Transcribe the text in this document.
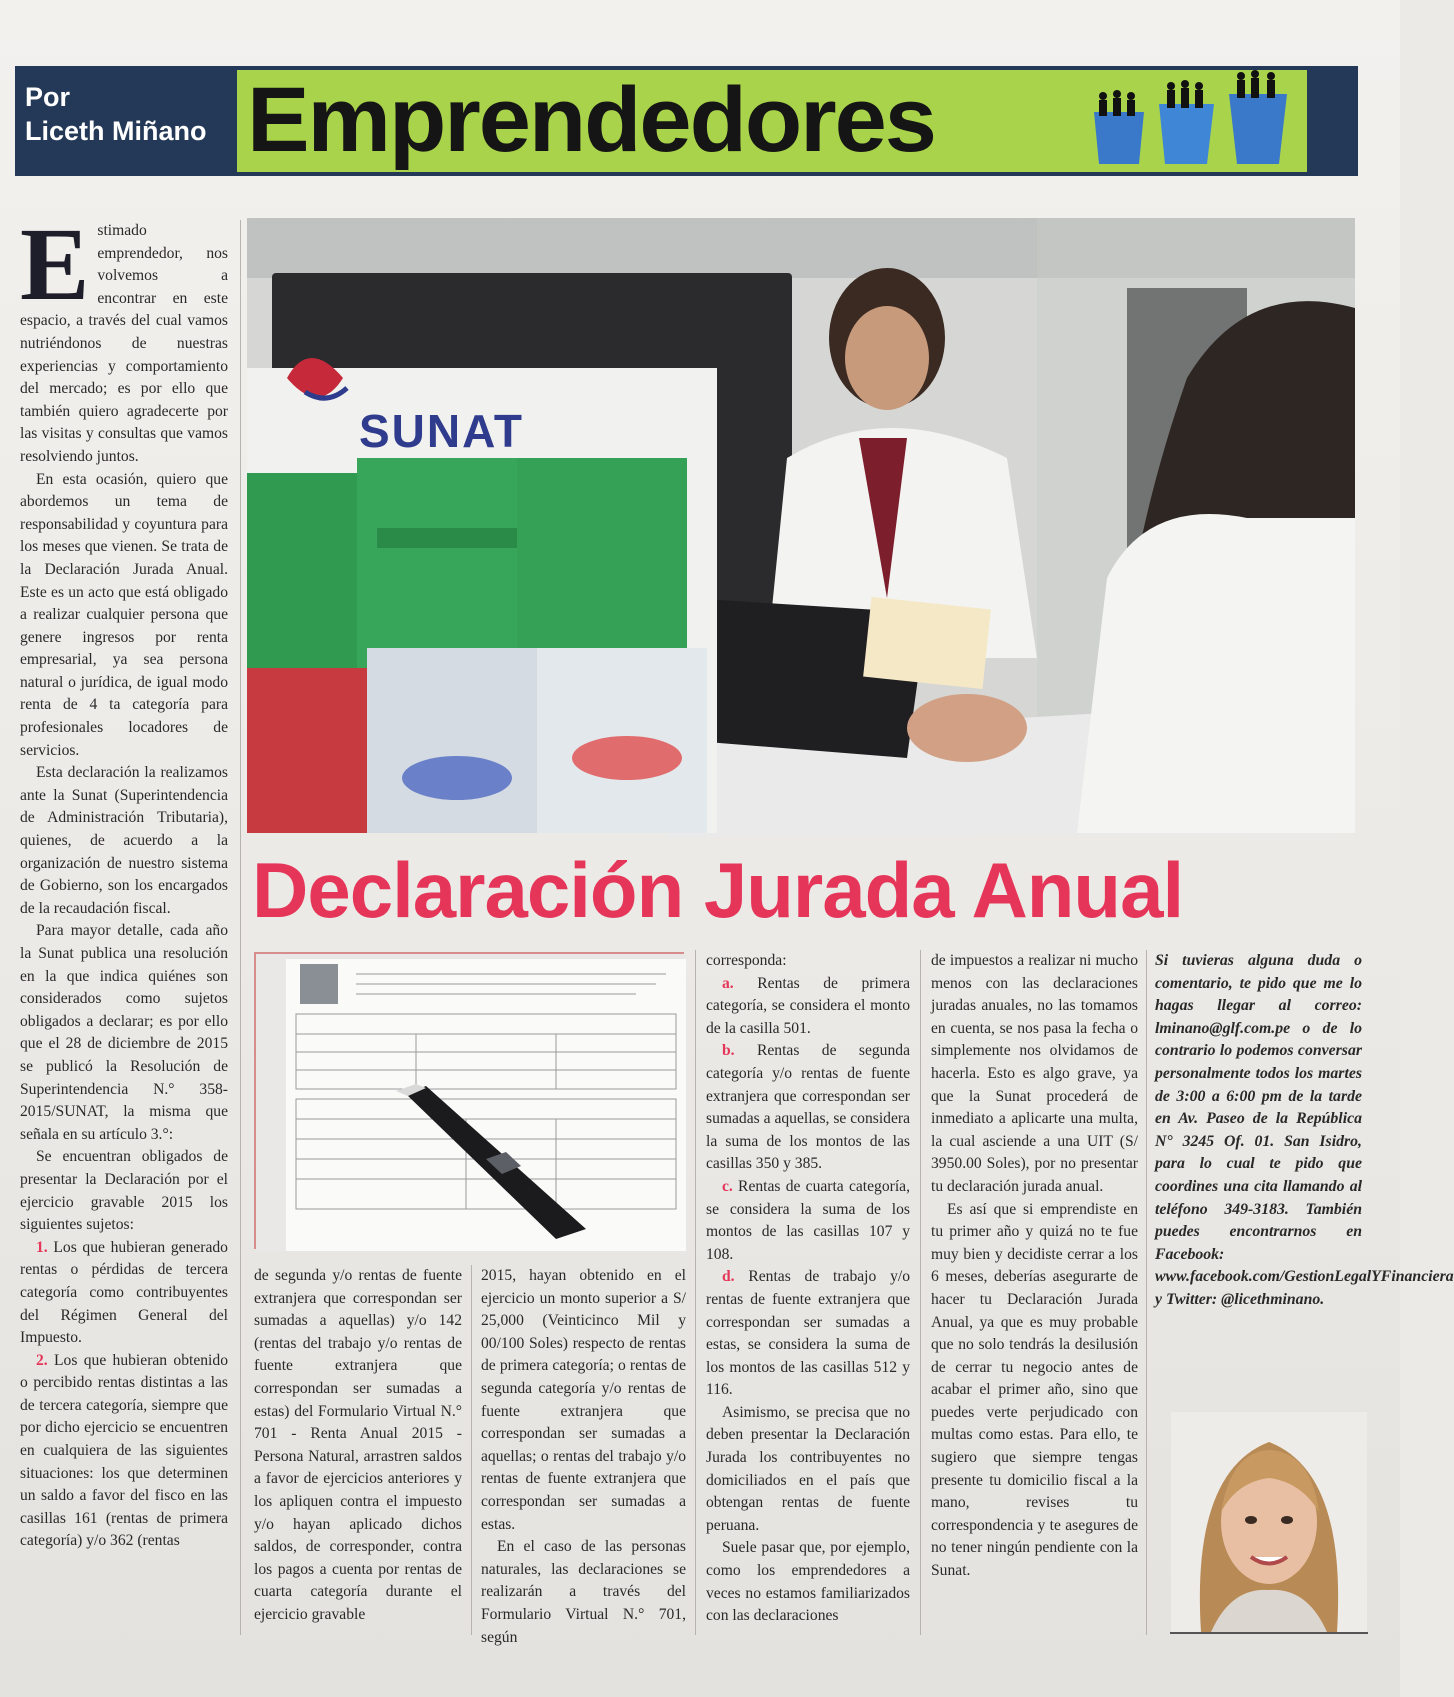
Por
Liceth Miñano Emprendedores
SUNAT
Declaración Jurada Anual

Estimado emprendedor, nos volvemos a encontrar en este espacio, a través del cual vamos nutriéndonos de nuestras experiencias y comportamiento del mercado; es por ello que también quiero agradecerte por las visitas y consultas que vamos resolviendo juntos.

En esta ocasión, quiero que abordemos un tema de responsabilidad y coyuntura para los meses que vienen. Se trata de la Declaración Jurada Anual. Este es un acto que está obligado a realizar cualquier persona que genere ingresos por renta empresarial, ya sea persona natural o jurídica, de igual modo renta de 4 ta categoría para profesionales locadores de servicios.

Esta declaración la realizamos ante la Sunat (Superintendencia de Administración Tributaria), quienes, de acuerdo a la organización de nuestro sistema de Gobierno, son los encargados de la recaudación fiscal.

Para mayor detalle, cada año la Sunat publica una resolución en la que indica quiénes son considerados como sujetos obligados a declarar; es por ello que el 28 de diciembre de 2015 se publicó la Resolución de Superintendencia N.° 358-2015/SUNAT, la misma que señala en su artículo 3.°:

Se encuentran obligados de presentar la Declaración por el ejercicio gravable 2015 los siguientes sujetos:

1. Los que hubieran generado rentas o pérdidas de tercera categoría como contribuyentes del Régimen General del Impuesto.

2. Los que hubieran obtenido o percibido rentas distintas a las de tercera categoría, siempre que por dicho ejercicio se encuentren en cualquiera de las siguientes situaciones: los que determinen un saldo a favor del fisco en las casillas 161 (rentas de primera categoría) y/o 362 (rentas

de segunda y/o rentas de fuente extranjera que correspondan ser sumadas a aquellas) y/o 142 (rentas del trabajo y/o rentas de fuente extranjera que correspondan ser sumadas a estas) del Formulario Virtual N.° 701 - Renta Anual 2015 - Persona Natural, arrastren saldos a favor de ejercicios anteriores y los apliquen contra el impuesto y/o hayan aplicado dichos saldos, de corresponder, contra los pagos a cuenta por rentas de cuarta categoría durante el ejercicio gravable

2015, hayan obtenido en el ejercicio un monto superior a S/ 25,000 (Veinticinco Mil y 00/100 Soles) respecto de rentas de primera categoría; o rentas de segunda categoría y/o rentas de fuente extranjera que correspondan ser sumadas a aquellas; o rentas del trabajo y/o rentas de fuente extranjera que correspondan ser sumadas a estas.

En el caso de las personas naturales, las declaraciones se realizarán a través del Formulario Virtual N.° 701, según

corresponda:

a. Rentas de primera categoría, se considera el monto de la casilla 501.

b. Rentas de segunda categoría y/o rentas de fuente extranjera que correspondan ser sumadas a aquellas, se considera la suma de los montos de las casillas 350 y 385.

c. Rentas de cuarta categoría, se considera la suma de los montos de las casillas 107 y 108.

d. Rentas de trabajo y/o rentas de fuente extranjera que correspondan ser sumadas a estas, se considera la suma de los montos de las casillas 512 y 116.

Asimismo, se precisa que no deben presentar la Declaración Jurada los contribuyentes no domiciliados en el país que obtengan rentas de fuente peruana.

Suele pasar que, por ejemplo, como los emprendedores a veces no estamos familiarizados con las declaraciones

de impuestos a realizar ni mucho menos con las declaraciones juradas anuales, no las tomamos en cuenta, se nos pasa la fecha o simplemente nos olvidamos de hacerla. Esto es algo grave, ya que la Sunat procederá de inmediato a aplicarte una multa, la cual asciende a una UIT (S/ 3950.00 Soles), por no presentar tu declaración jurada anual.

Es así que si emprendiste en tu primer año y quizá no te fue muy bien y decidiste cerrar a los 6 meses, deberías asegurarte de hacer tu Declaración Jurada Anual, ya que es muy probable que no solo tendrás la desilusión de cerrar tu negocio antes de acabar el primer año, sino que puedes verte perjudicado con multas como estas. Para ello, te sugiero que siempre tengas presente tu domicilio fiscal a la mano, revises tu correspondencia y te asegures de no tener ningún pendiente con la Sunat.

Si tuvieras alguna duda o comentario, te pido que me lo hagas llegar al correo: lminano@glf.com.pe o de lo contrario lo podemos conversar personalmente todos los martes de 3:00 a 6:00 pm de la tarde en Av. Paseo de la República N° 3245 Of. 01. San Isidro, para lo cual te pido que coordines una cita llamando al teléfono 349-3183. También puedes encontrarnos en Facebook: www.facebook.com/GestionLegalYFinanciera y Twitter: @licethminano.
